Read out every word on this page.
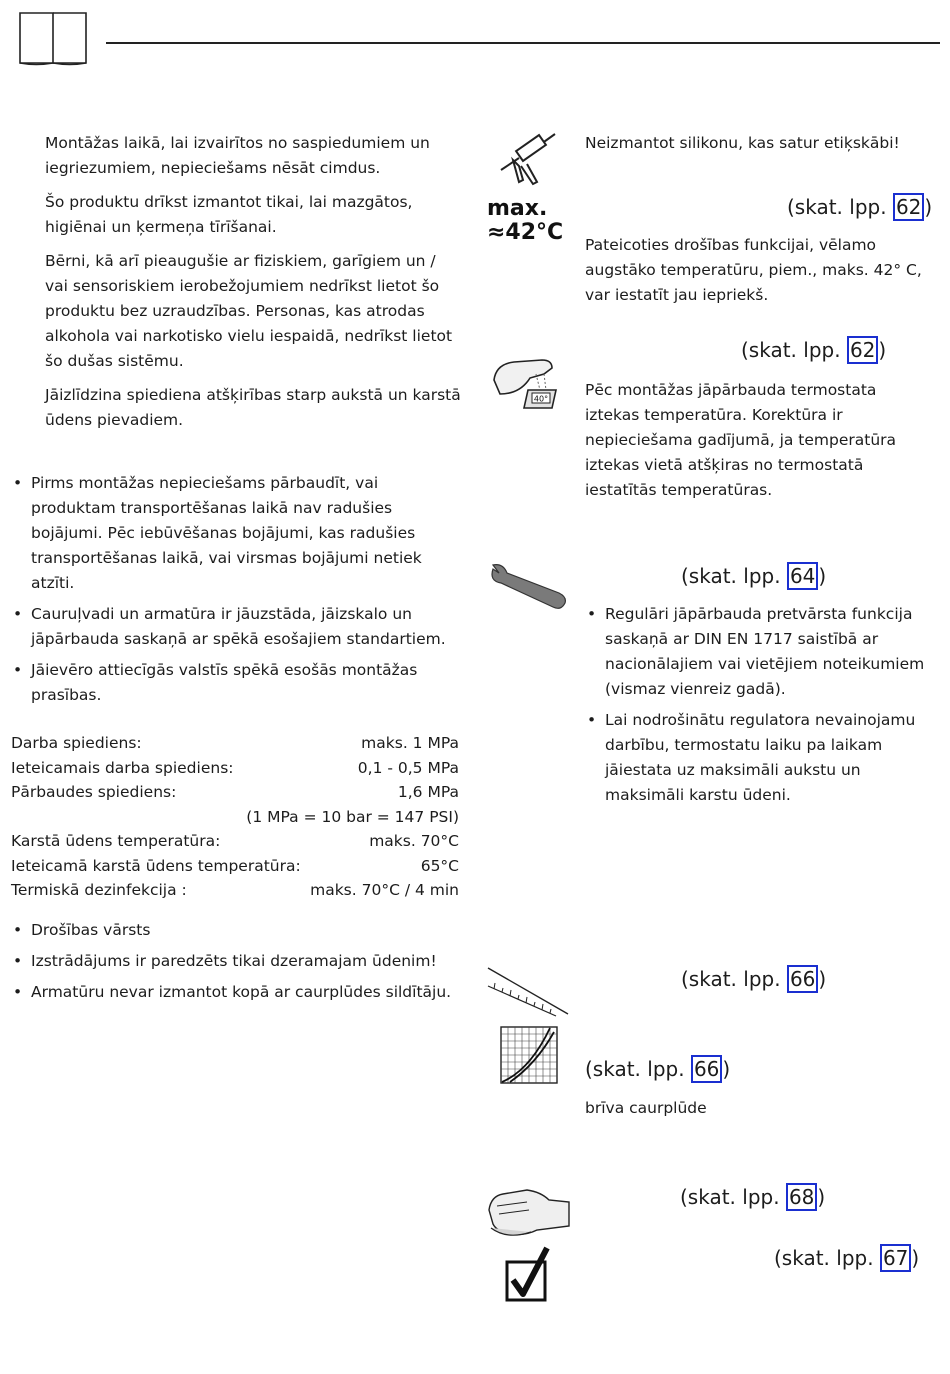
Montāžas laikā, lai izvairītos no saspiedumiem un iegriezumiem, nepieciešams nēsāt cimdus.

Šo produktu drīkst izmantot tikai, lai mazgātos, higiēnai un ķermeņa tīrīšanai.

Bērni, kā arī pieaugušie ar fiziskiem, garīgiem un / vai sensoriskiem ierobežojumiem nedrīkst lietot šo produktu bez uzraudzības. Personas, kas atrodas alkohola vai narkotisko vielu iespaidā, nedrīkst lietot šo dušas sistēmu.

Jāizlīdzina spiediena atšķirības starp aukstā un karstā ūdens pievadiem.

• Pirms montāžas nepieciešams pārbaudīt, vai produktam transportēšanas laikā nav radušies bojājumi. Pēc iebūvēšanas bojājumi, kas radušies transportēšanas laikā, vai virsmas bojājumi netiek atzīti.
• Cauruļvadi un armatūra ir jāuzstāda, jāizskalo un jāpārbauda saskaņā ar spēkā esošajiem standartiem.
• Jāievēro attiecīgās valstīs spēkā esošās montāžas prasības.
Darba spiediens:	maks. 1 MPa
Ieteicamais darba spiediens:	0,1 - 0,5 MPa
Pārbaudes spiediens:	1,6 MPa
(1 MPa = 10 bar = 147 PSI)
Karstā ūdens temperatūra:	maks. 70°C
Ieteicamā karstā ūdens temperatūra:	65°C
Termiskā dezinfekcija :	maks. 70°C / 4 min
• Drošības vārsts
• Izstrādājums ir paredzēts tikai dzeramajam ūdenim!
• Armatūru nevar izmantot kopā ar caurplūdes sildītāju.
Neizmantot silikonu, kas satur etiķskābi!
max.
≈42°C
(skat. lpp. 62 )
Pateicoties drošības funkcijai, vēlamo augstāko temperatūru, piem., maks. 42° C, var iestatīt jau iepriekš.
(skat. lpp. 62 )
40° Pēc montāžas jāpārbauda termostata iztekas temperatūra. Korektūra ir nepieciešama gadījumā, ja temperatūra iztekas vietā atšķiras no termostatā iestatītās temperatūras.
(skat. lpp. 64 )
• Regulāri jāpārbauda pretvārsta funkcija saskaņā ar DIN EN 1717 saistībā ar nacionālajiem vai vietējiem noteikumiem (vismaz vienreiz gadā).
• Lai nodrošinātu regulatora nevainojamu darbību, termostatu laiku pa laikam jāiestata uz maksimāli aukstu un maksimāli karstu ūdeni.
(skat. lpp. 66 )
(skat. lpp. 66 )
brīva caurplūde
(skat. lpp. 68 )
(skat. lpp. 67 )
